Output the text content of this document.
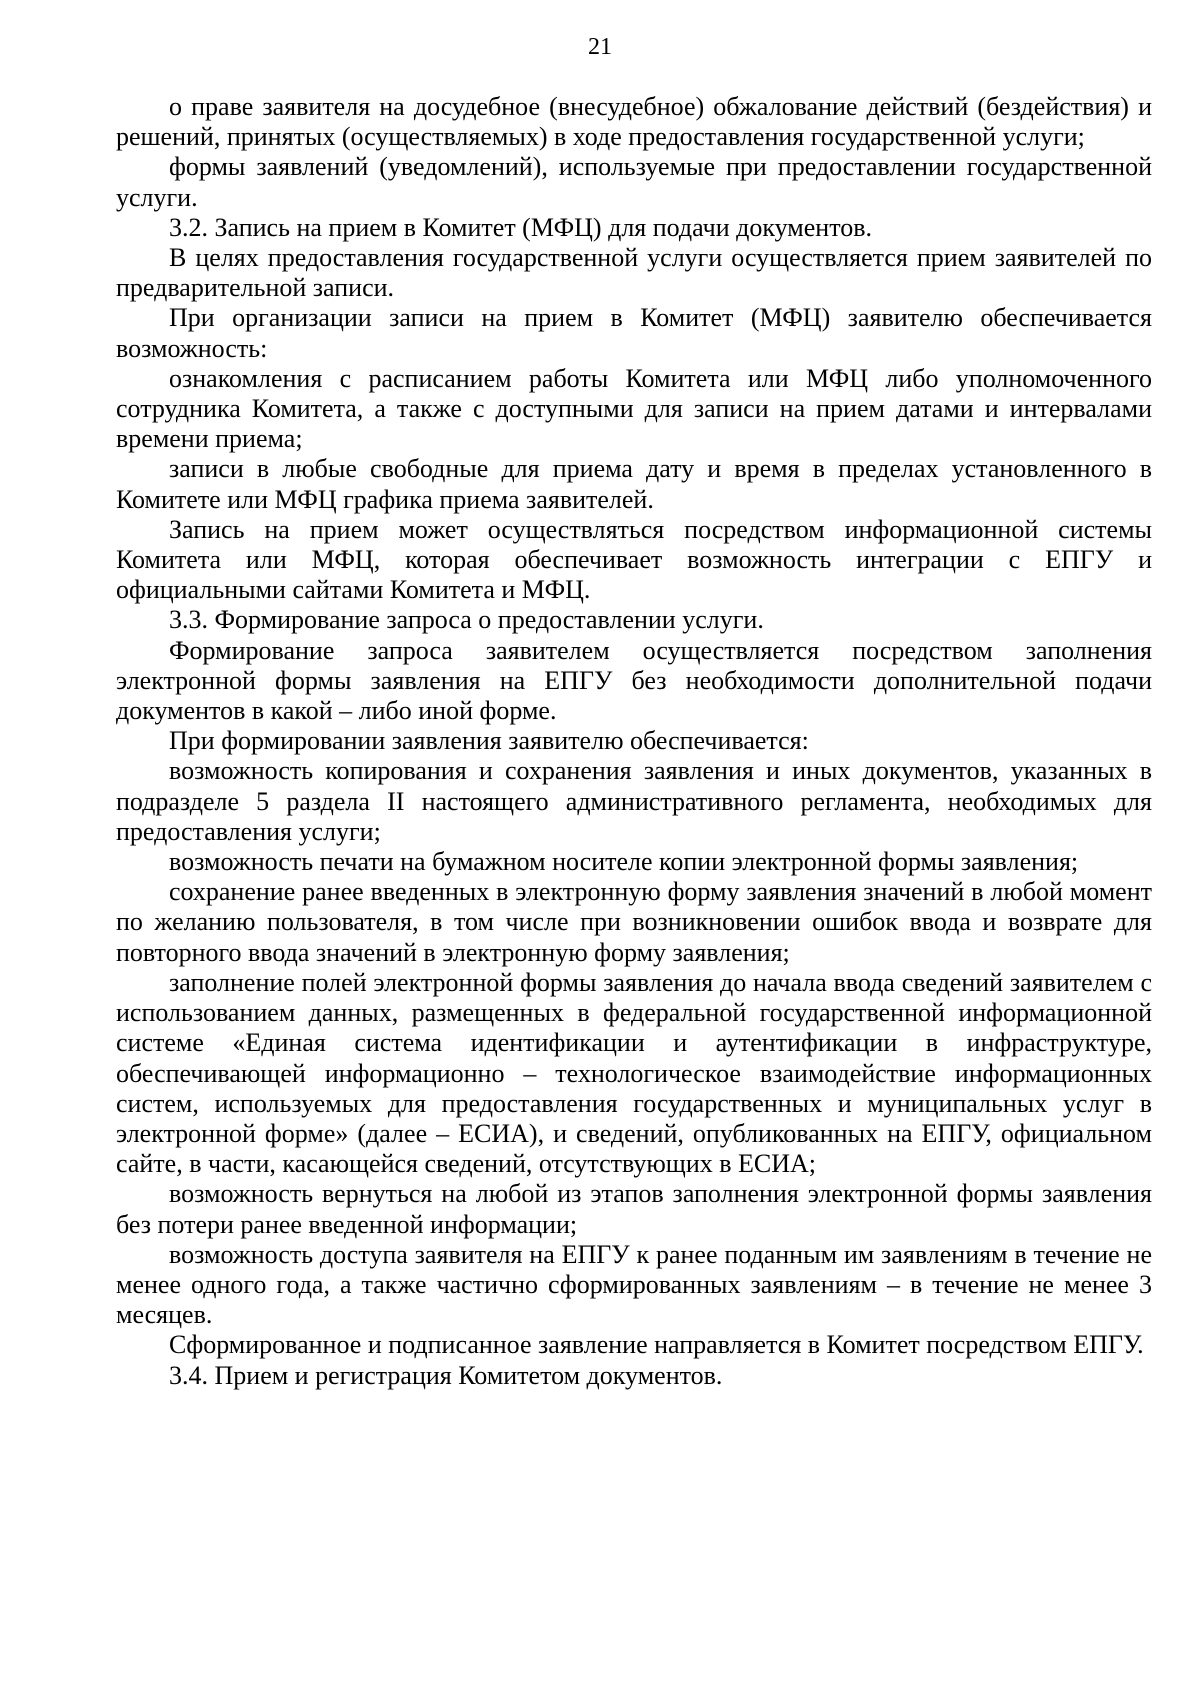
21

о праве заявителя на досудебное (внесудебное) обжалование действий (бездействия) и решений, принятых (осуществляемых) в ходе предоставления государственной услуги;

формы заявлений (уведомлений), используемые при предоставлении государственной услуги.

3.2. Запись на прием в Комитет (МФЦ) для подачи документов.

В целях предоставления государственной услуги осуществляется прием заявителей по предварительной записи.

При организации записи на прием в Комитет (МФЦ) заявителю обеспечивается возможность:

ознакомления с расписанием работы Комитета или МФЦ либо уполномоченного сотрудника Комитета, а также с доступными для записи на прием датами и интервалами времени приема;

записи в любые свободные для приема дату и время в пределах установленного в Комитете или МФЦ графика приема заявителей.

Запись на прием может осуществляться посредством информационной системы Комитета или МФЦ, которая обеспечивает возможность интеграции с ЕПГУ и официальными сайтами Комитета и МФЦ.

3.3. Формирование запроса о предоставлении услуги.

Формирование запроса заявителем осуществляется посредством заполнения электронной формы заявления на ЕПГУ без необходимости дополнительной подачи документов в какой – либо иной форме.

При формировании заявления заявителю обеспечивается:

возможность копирования и сохранения заявления и иных документов, указанных в подразделе 5 раздела II настоящего административного регламента, необходимых для предоставления услуги;

возможность печати на бумажном носителе копии электронной формы заявления;

сохранение ранее введенных в электронную форму заявления значений в любой момент по желанию пользователя, в том числе при возникновении ошибок ввода и возврате для повторного ввода значений в электронную форму заявления;

заполнение полей электронной формы заявления до начала ввода сведений заявителем с использованием данных, размещенных в федеральной государственной информационной системе «Единая система идентификации и аутентификации в инфраструктуре, обеспечивающей информационно – технологическое взаимодействие информационных систем, используемых для предоставления государственных и муниципальных услуг в электронной форме» (далее – ЕСИА), и сведений, опубликованных на ЕПГУ, официальном сайте, в части, касающейся сведений, отсутствующих в ЕСИА;

возможность вернуться на любой из этапов заполнения электронной формы заявления без потери ранее введенной информации;

возможность доступа заявителя на ЕПГУ к ранее поданным им заявлениям в течение не менее одного года, а также частично сформированных заявлениям – в течение не менее 3 месяцев.

Сформированное и подписанное заявление направляется в Комитет посредством ЕПГУ.

3.4. Прием и регистрация Комитетом документов.
